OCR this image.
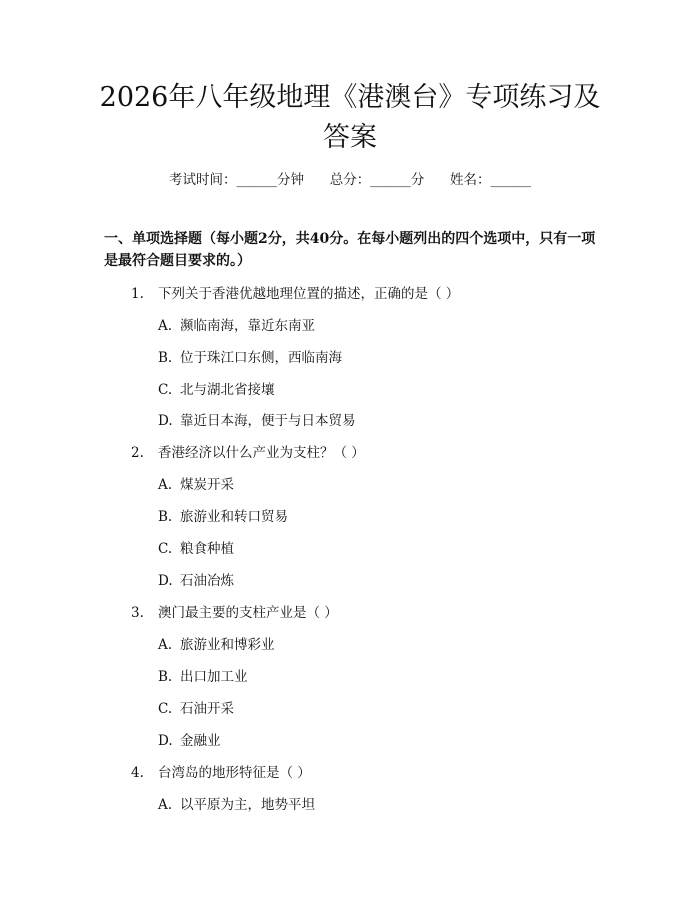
2026年八年级地理《港澳台》专项练习及答案
考试时间：______分钟 总分：______分 姓名：______

一、单项选择题（每小题2分，共40分。在每小题列出的四个选项中，只有一项是最符合题目要求的。）

1. 下列关于香港优越地理位置的描述，正确的是（ ）
A. 濒临南海，靠近东南亚
B. 位于珠江口东侧，西临南海
C. 北与湖北省接壤
D. 靠近日本海，便于与日本贸易
2. 香港经济以什么产业为支柱？（ ）
A. 煤炭开采
B. 旅游业和转口贸易
C. 粮食种植
D. 石油冶炼
3. 澳门最主要的支柱产业是（ ）
A. 旅游业和博彩业
B. 出口加工业
C. 石油开采
D. 金融业
4. 台湾岛的地形特征是（ ）
A. 以平原为主，地势平坦
